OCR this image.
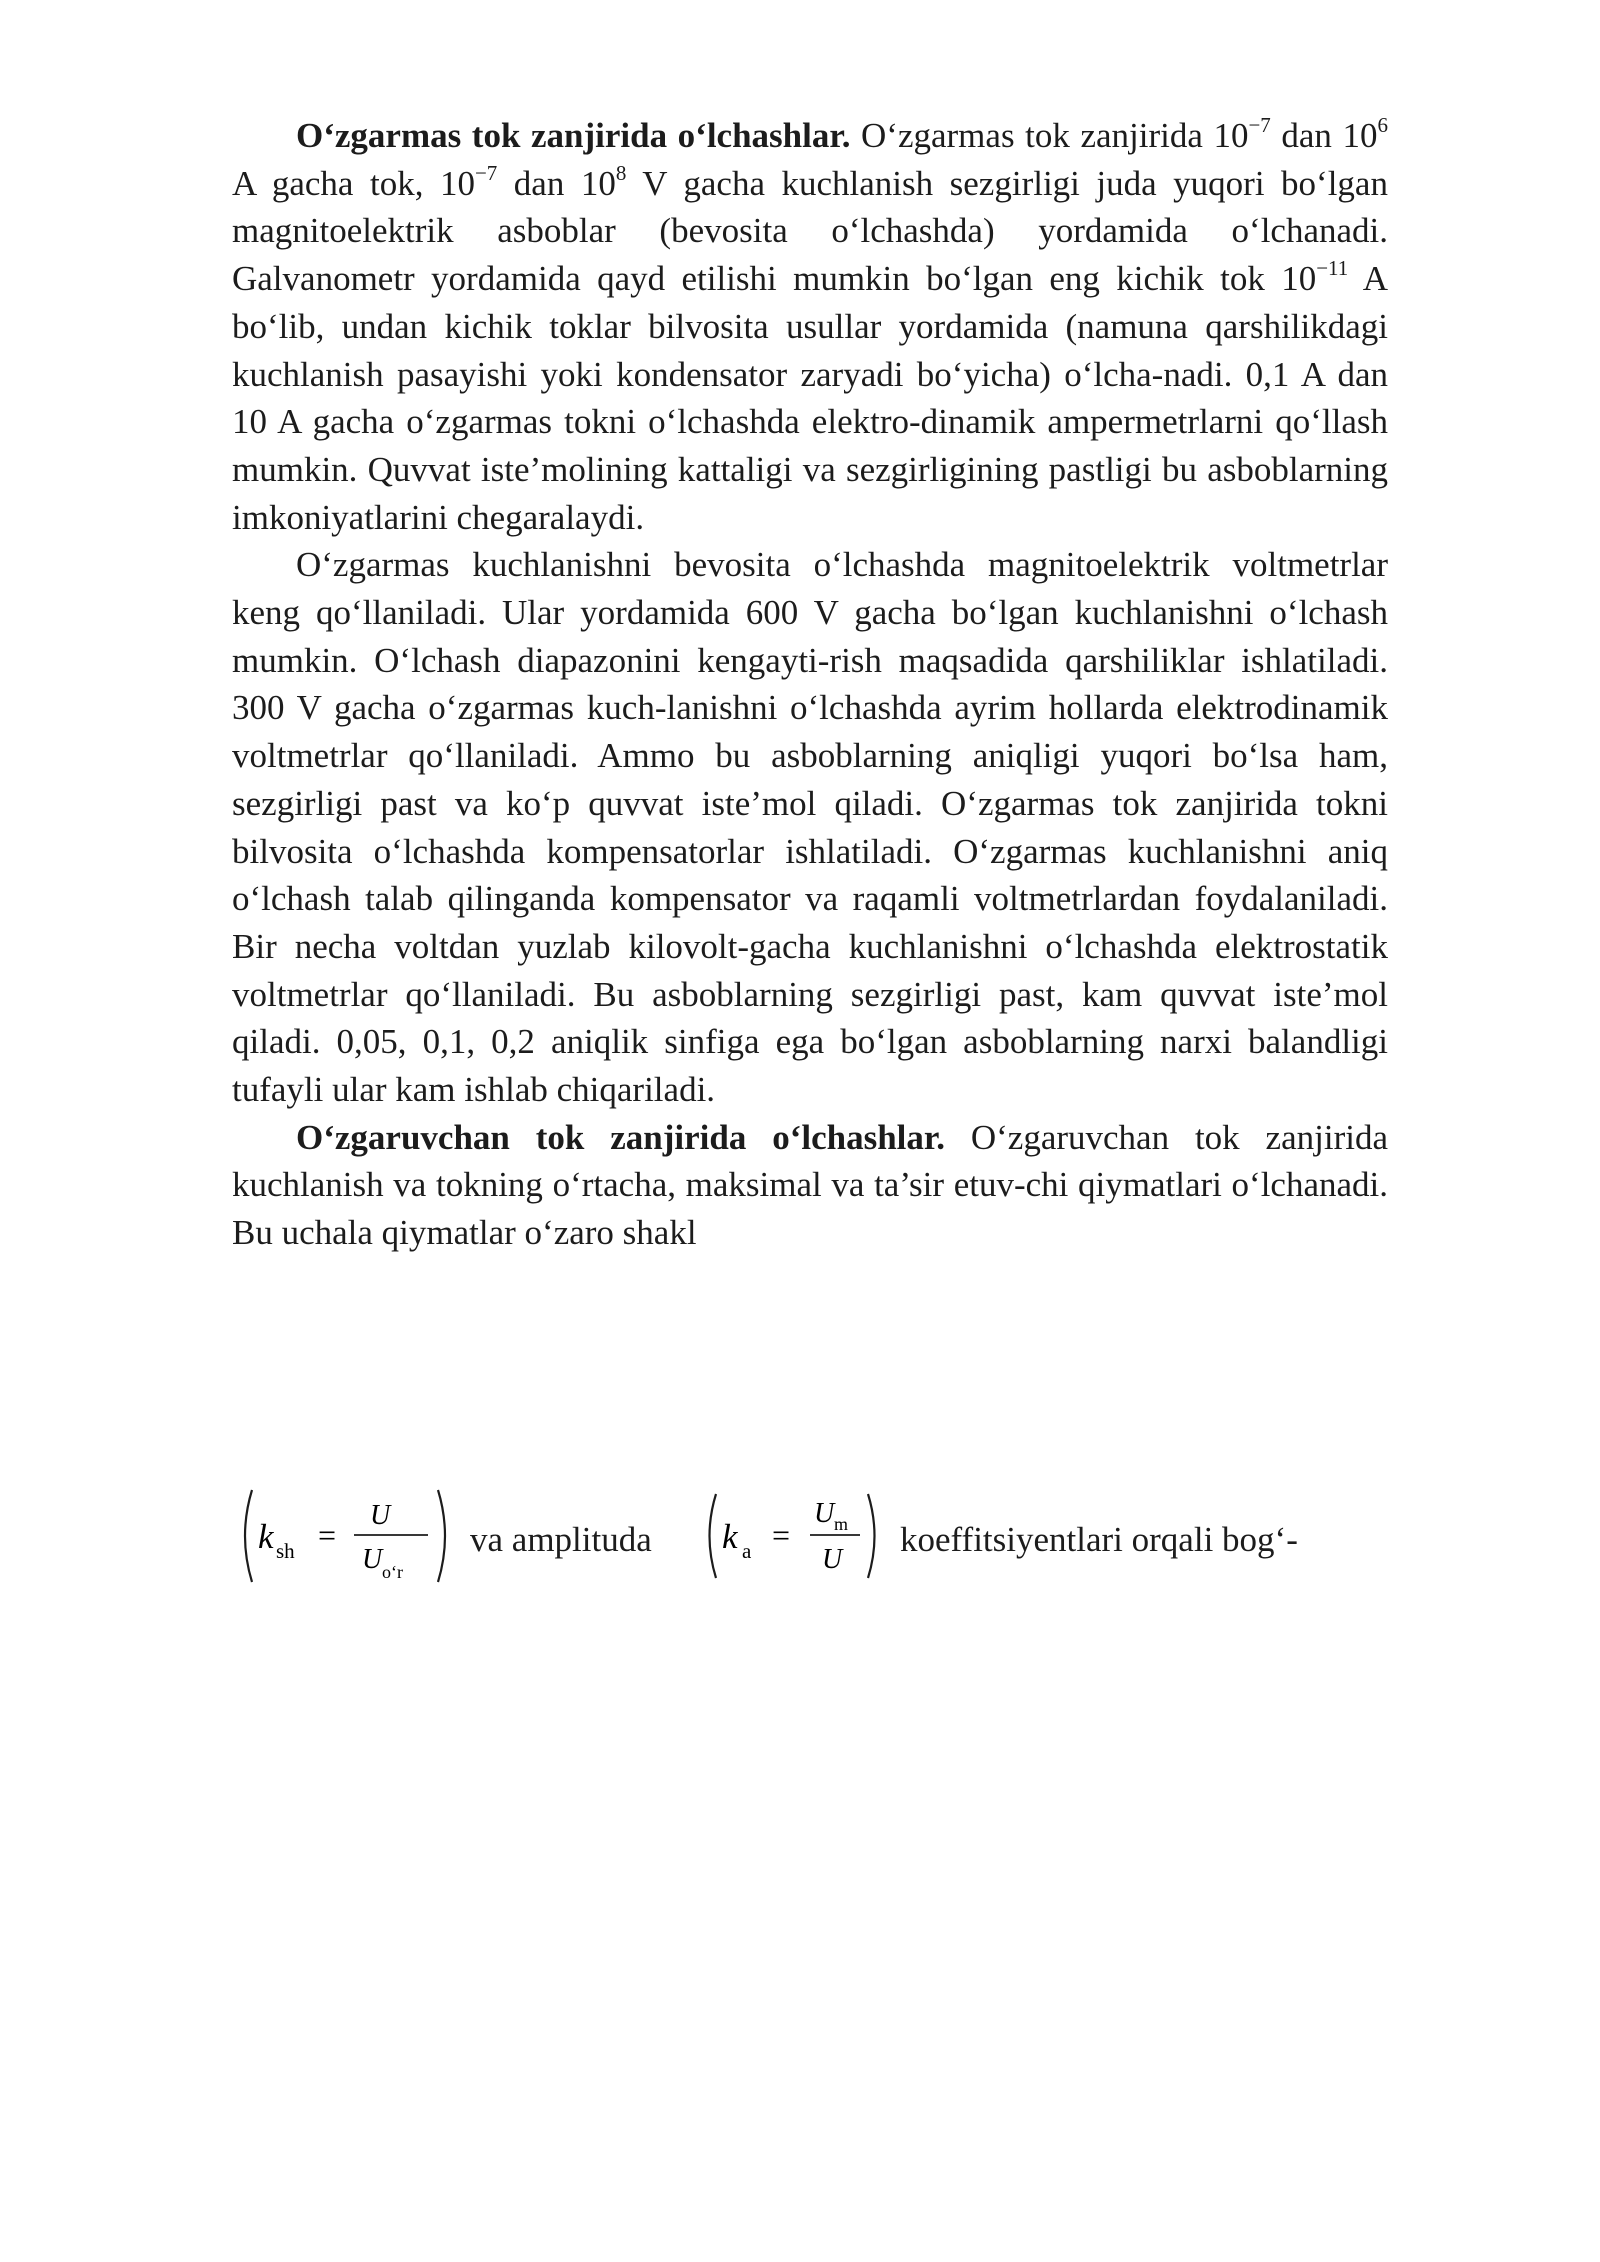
O‘zgarmas tok zanjirida o‘lchashlar. O‘zgarmas tok zanjirida $10^{-7}$ dan $10^6$ A gacha tok, $10^{-7}$ dan $10^8$ V gacha kuchlanish sezgirligi juda yuqori bo‘lgan magnitoelektrik asboblar (bevosita o‘lchashda) yordamida o‘lchanadi. Galvanometr yordamida qayd etilishi mumkin bo‘lgan eng kichik tok $10^{-11}$ A bo‘lib, undan kichik toklar bilvosita usullar yordamida (namuna qarshilikdagi kuchlanish pasayishi yoki kondensator zaryadi bo‘yicha) o‘lcha-nadi. 0,1 A dan 10 A gacha o‘zgarmas tokni o‘lchashda elektro-dinamik ampermetrlarni qo‘llash mumkin. Quvvat iste’molining kattaligi va sezgirligining pastligi bu asboblarning imkoniyatlarini chegaralaydi.

O‘zgarmas kuchlanishni bevosita o‘lchashda magnitoelektrik voltmetrlar keng qo‘llaniladi. Ular yordamida 600 V gacha bo‘lgan kuchlanishni o‘lchash mumkin. O‘lchash diapazonini kengayti-rish maqsadida qarshiliklar ishlatiladi. 300 V gacha o‘zgarmas kuch-lanishni o‘lchashda ayrim hollarda elektrodinamik voltmetrlar qo‘llaniladi. Ammo bu asboblarning aniqligi yuqori bo‘lsa ham, sezgirligi past va ko‘p quvvat iste’mol qiladi. O‘zgarmas tok zanjirida tokni bilvosita o‘lchashda kompensatorlar ishlatiladi. O‘zgarmas kuchlanishni aniq o‘lchash talab qilinganda kompensator va raqamli voltmetrlardan foydalaniladi. Bir necha voltdan yuzlab kilovolt-gacha kuchlanishni o‘lchashda elektrostatik voltmetrlar qo‘llaniladi. Bu asboblarning sezgirligi past, kam quvvat iste’mol qiladi. 0,05, 0,1, 0,2 aniqlik sinfiga ega bo‘lgan asboblarning narxi balandligi tufayli ular kam ishlab chiqariladi.

O‘zgaruvchan tok zanjirida o‘lchashlar. O‘zgaruvchan tok zanjirida kuchlanish va tokning o‘rtacha, maksimal va ta’sir etuv-chi qiymatlari o‘lchanadi. Bu uchala qiymatlar o‘zaro shakl

k sh =
U
U o‘r
k a =
U m
U
va amplituda	koeffitsiyentlari orqali bog‘-
